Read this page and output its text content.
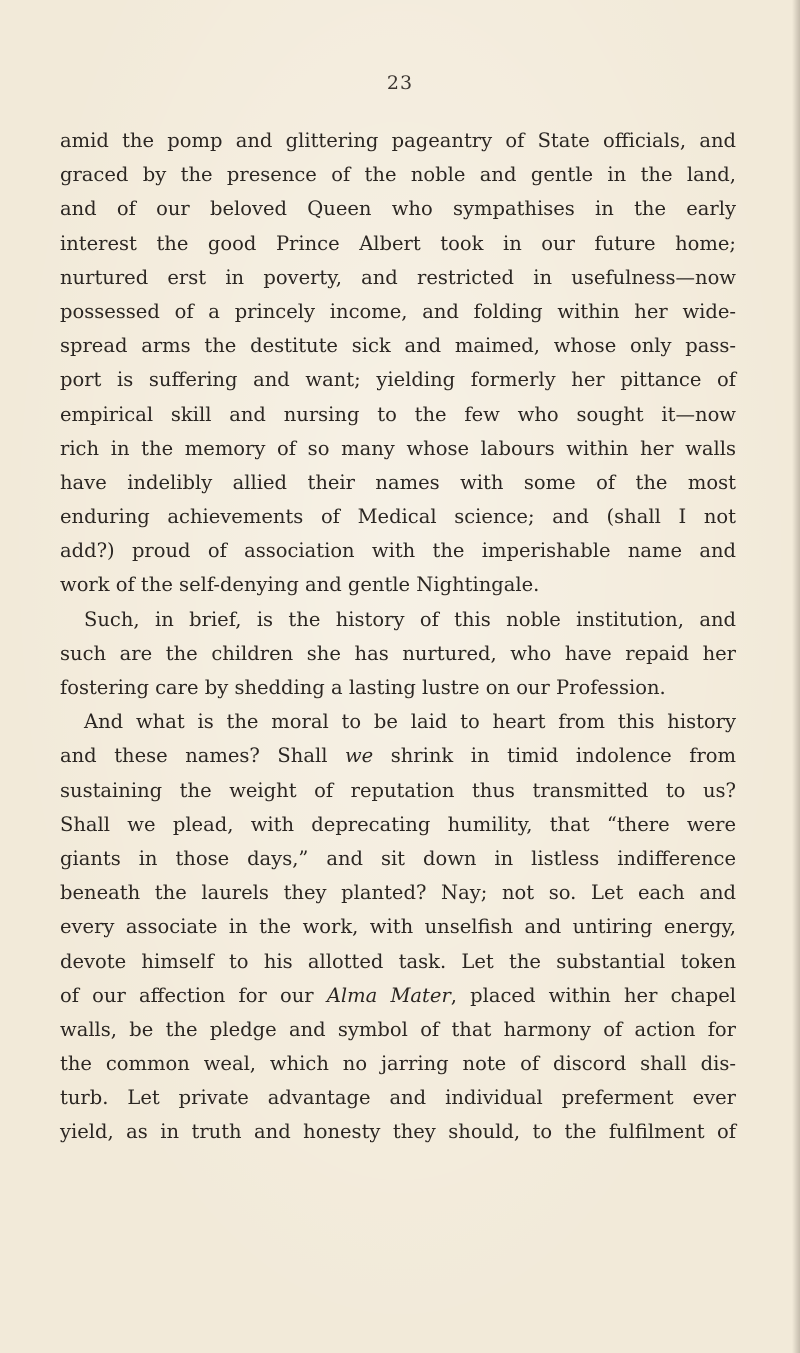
23
amid the pomp and glittering pageantry of State officials, and
graced by the presence of the noble and gentle in the land,
and of our beloved Queen who sympathises in the early
interest the good Prince Albert took in our future home;
nurtured erst in poverty, and restricted in usefulness—now
possessed of a princely income, and folding within her wide-
spread arms the destitute sick and maimed, whose only pass-
port is suffering and want; yielding formerly her pittance of
empirical skill and nursing to the few who sought it—now
rich in the memory of so many whose labours within her walls
have indelibly allied their names with some of the most
enduring achievements of Medical science; and (shall I not
add?) proud of association with the imperishable name and
work of the self-denying and gentle Nightingale.
Such, in brief, is the history of this noble institution, and
such are the children she has nurtured, who have repaid her
fostering care by shedding a lasting lustre on our Profession.
And what is the moral to be laid to heart from this history
and these names? Shall we shrink in timid indolence from
sustaining the weight of reputation thus transmitted to us?
Shall we plead, with deprecating humility, that “there were
giants in those days,” and sit down in listless indifference
beneath the laurels they planted? Nay; not so. Let each and
every associate in the work, with unselfish and untiring energy,
devote himself to his allotted task. Let the substantial token
of our affection for our Alma Mater, placed within her chapel
walls, be the pledge and symbol of that harmony of action for
the common weal, which no jarring note of discord shall dis-
turb. Let private advantage and individual preferment ever
yield, as in truth and honesty they should, to the fulfilment of
